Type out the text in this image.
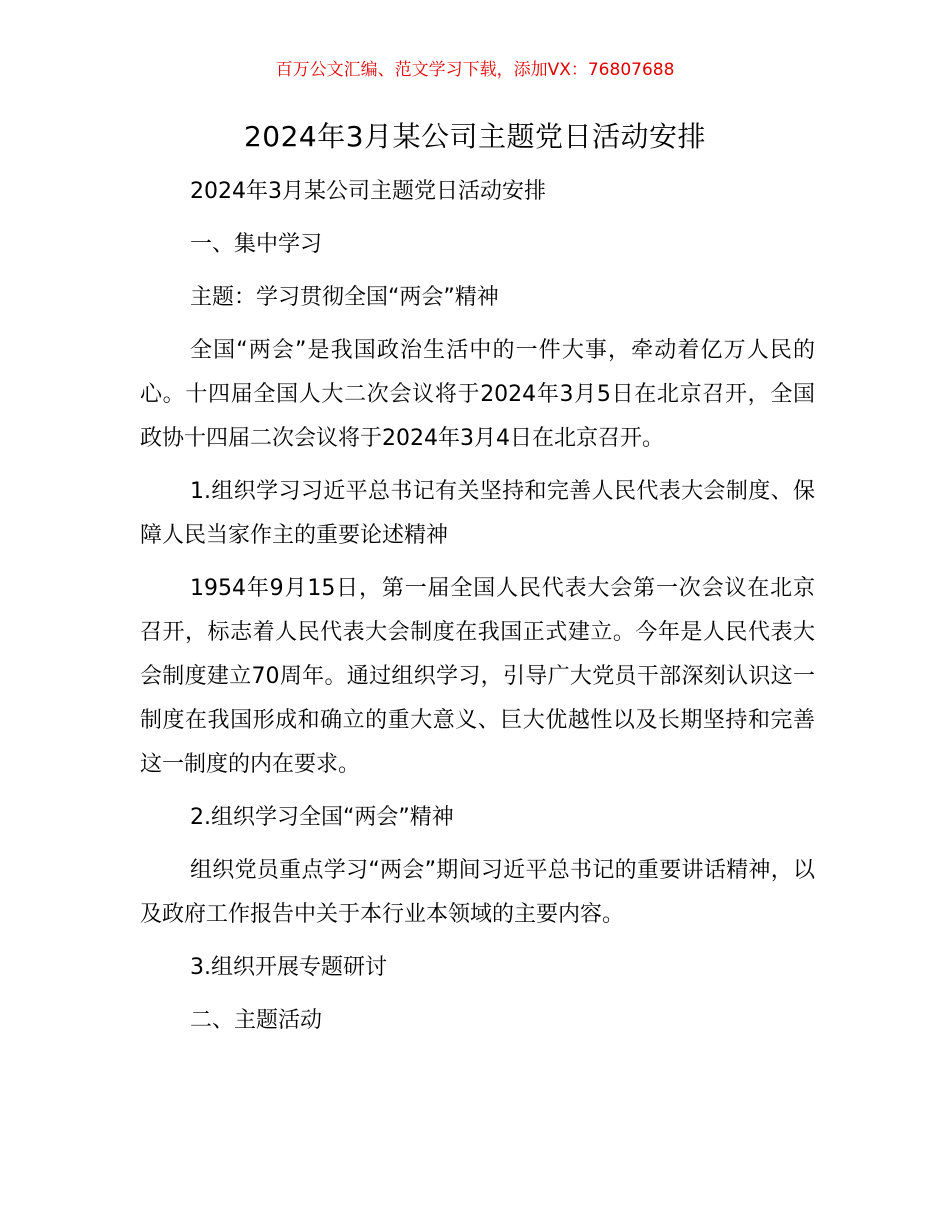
百万公文汇编、范文学习下载，添加VX：76807688
2024年3月某公司主题党日活动安排

2024年3月某公司主题党日活动安排

一、集中学习

主题：学习贯彻全国“两会”精神

全国“两会”是我国政治生活中的一件大事，牵动着亿万人民的心。十四届全国人大二次会议将于2024年3月5日在北京召开，全国政协十四届二次会议将于2024年3月4日在北京召开。

1.组织学习习近平总书记有关坚持和完善人民代表大会制度、保障人民当家作主的重要论述精神

1954年9月15日，第一届全国人民代表大会第一次会议在北京召开，标志着人民代表大会制度在我国正式建立。今年是人民代表大会制度建立70周年。通过组织学习，引导广大党员干部深刻认识这一制度在我国形成和确立的重大意义、巨大优越性以及长期坚持和完善这一制度的内在要求。

2.组织学习全国“两会”精神

组织党员重点学习“两会”期间习近平总书记的重要讲话精神，以及政府工作报告中关于本行业本领域的主要内容。

3.组织开展专题研讨

二、主题活动
